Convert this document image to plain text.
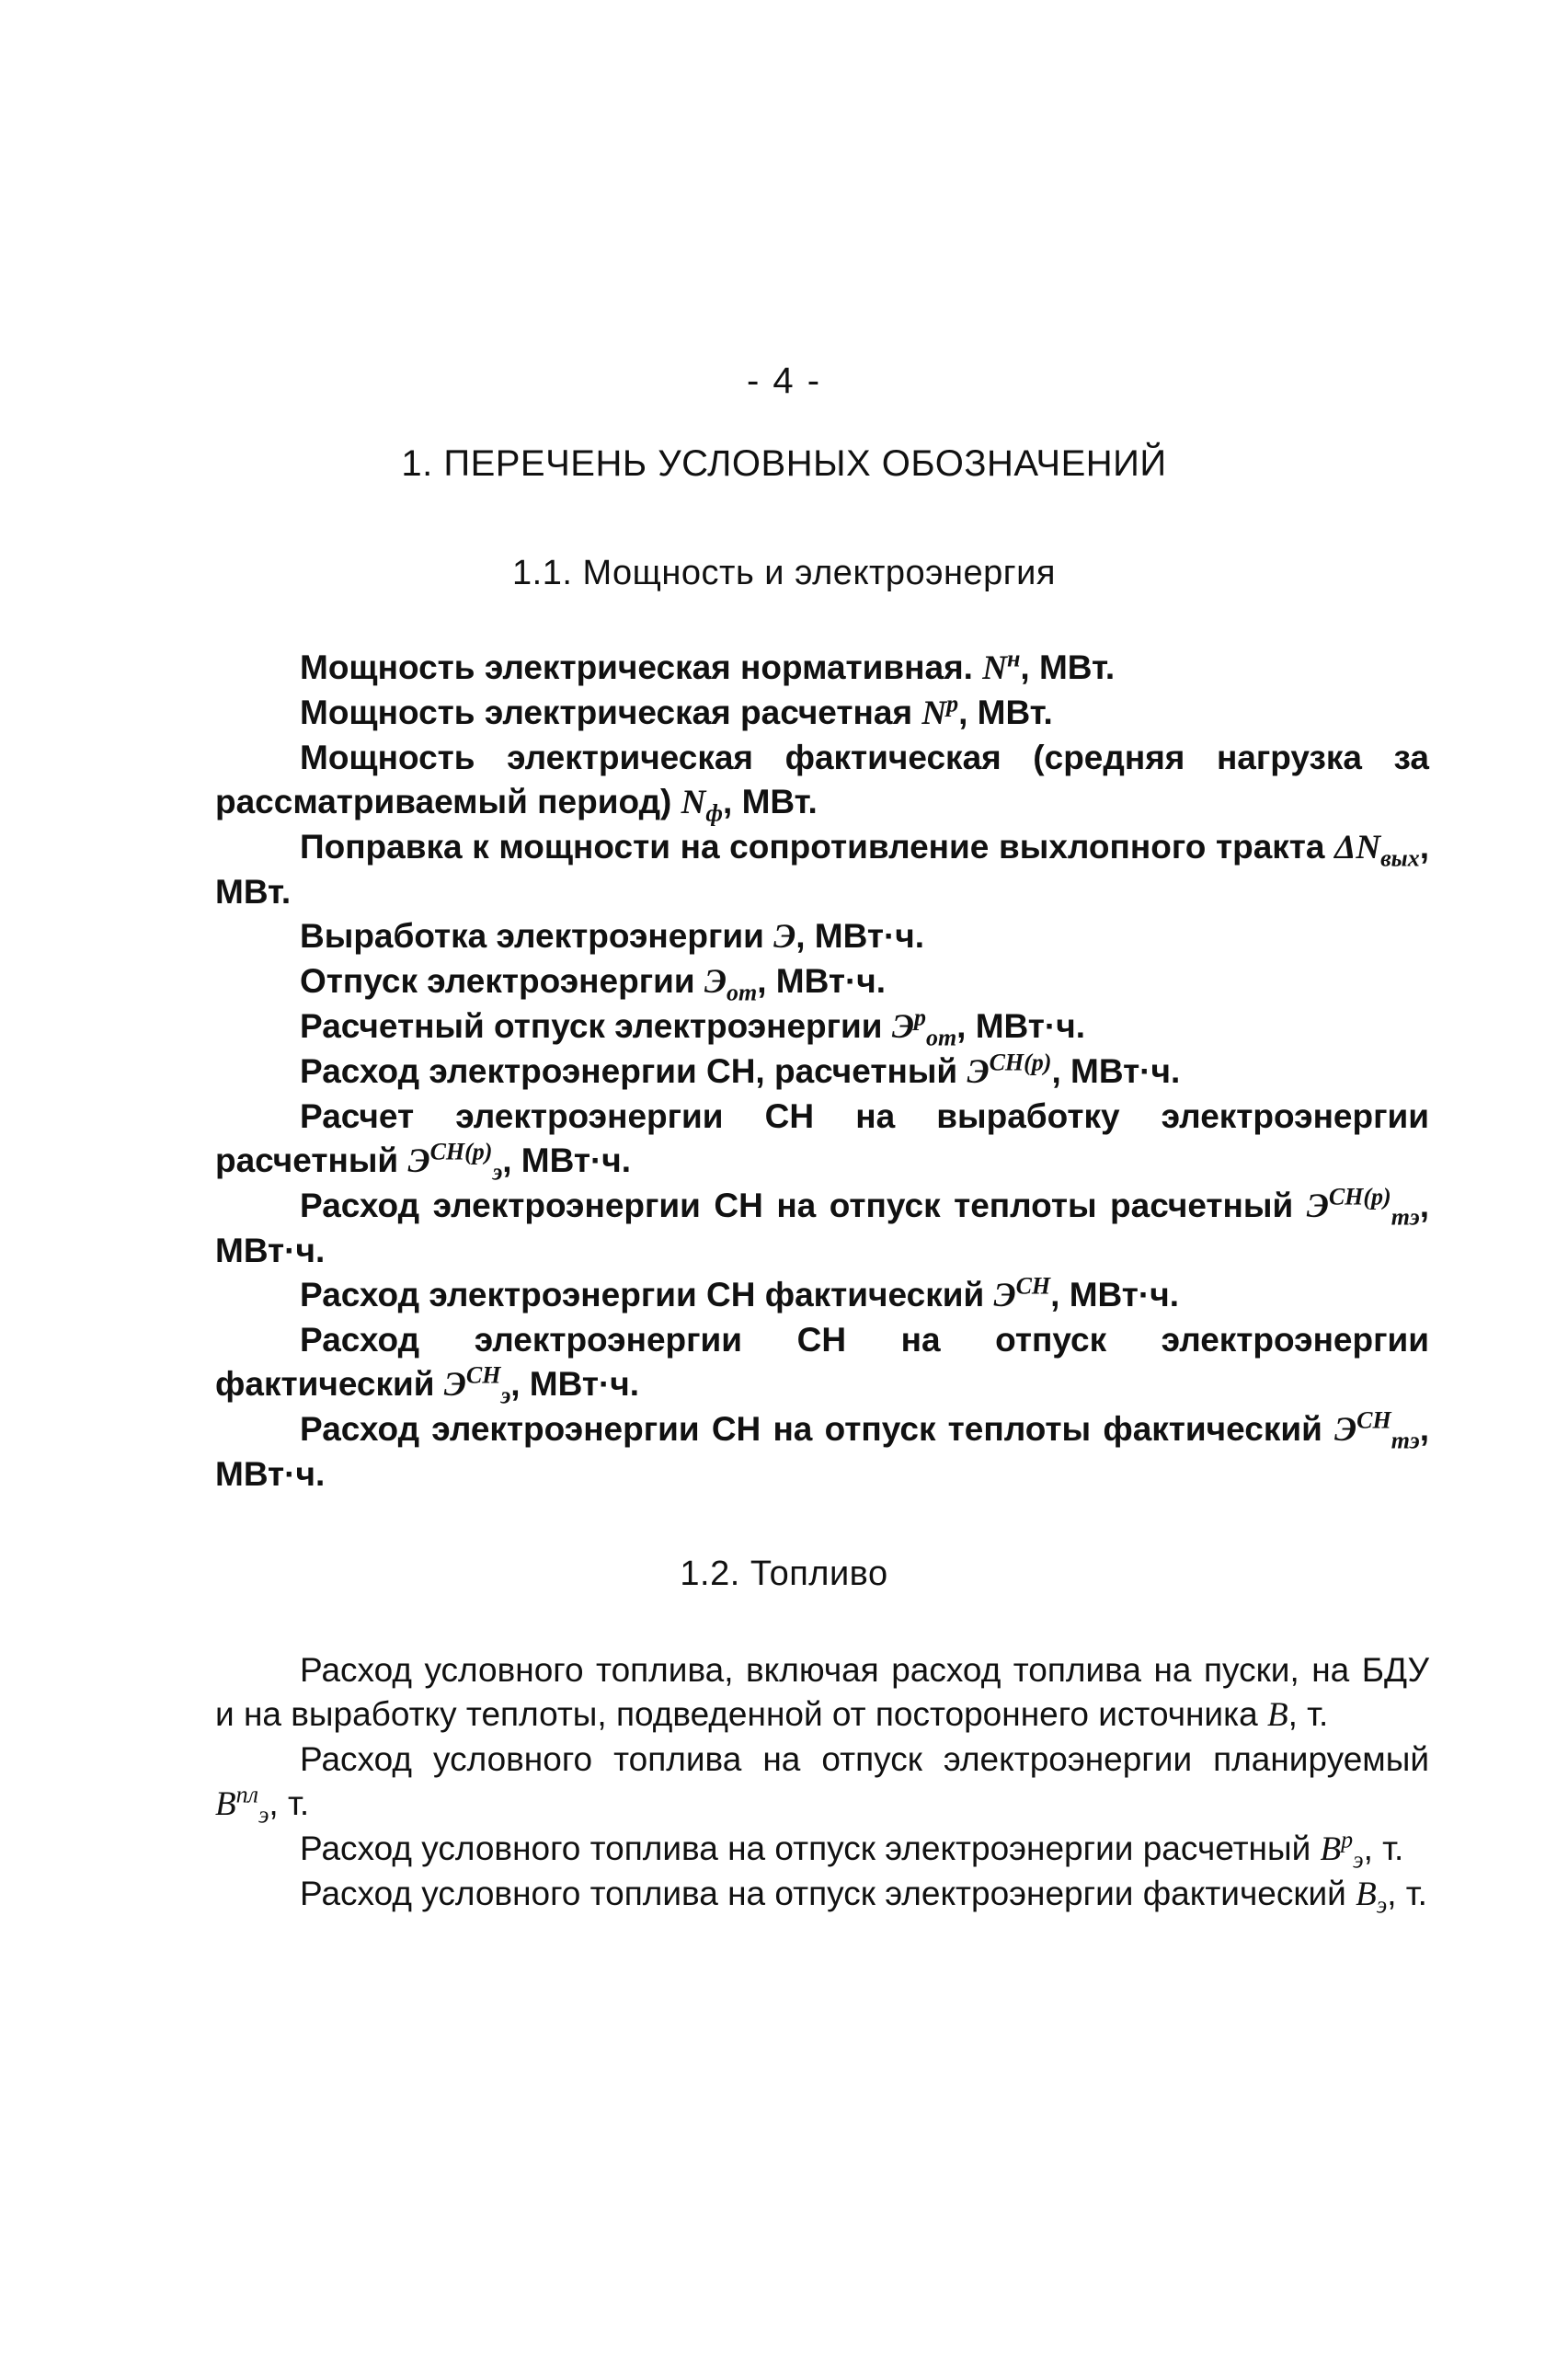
- 4 -
1. ПЕРЕЧЕНЬ УСЛОВНЫХ ОБОЗНАЧЕНИЙ
1.1. Мощность и электроэнергия

Мощность электрическая нормативная. $N^н$, МВт.

Мощность электрическая расчетная $N^р$, МВт.

Мощность электрическая фактическая (средняя нагрузка за рассматриваемый период) $N_ф$, МВт.

Поправка к мощности на сопротивление выхлопного тракта $\Delta N_{вых}$, МВт.

Выработка электроэнергии Э, МВт·ч.

Отпуск электроэнергии $Э_{от}$, МВт·ч.

Расчетный отпуск электроэнергии $Э^р_{от}$, МВт·ч.

Расход электроэнергии СН, расчетный $Э^{СН(р)}$, МВт·ч.

Расчет электроэнергии СН на выработку электроэнергии расчетный $Э^{СН(р)}_э$, МВт·ч.

Расход электроэнергии СН на отпуск теплоты расчетный $Э^{СН(р)}_{тэ}$, МВт·ч.

Расход электроэнергии СН фактический $Э^{СН}$, МВт·ч.

Расход электроэнергии СН на отпуск электроэнергии фактический $Э^{СН}_э$, МВт·ч.

Расход электроэнергии СН на отпуск теплоты фактический $Э^{СН}_{тэ}$, МВт·ч.

1.2. Топливо

Расход условного топлива, включая расход топлива на пуски, на БДУ и на выработку теплоты, подведенной от постороннего источника В, т.

Расход условного топлива на отпуск электроэнергии планируемый $В^{пл}_э$, т.

Расход условного топлива на отпуск электроэнергии расчетный $В^р_э$, т.

Расход условного топлива на отпуск электроэнергии фактический $В_э$, т.
